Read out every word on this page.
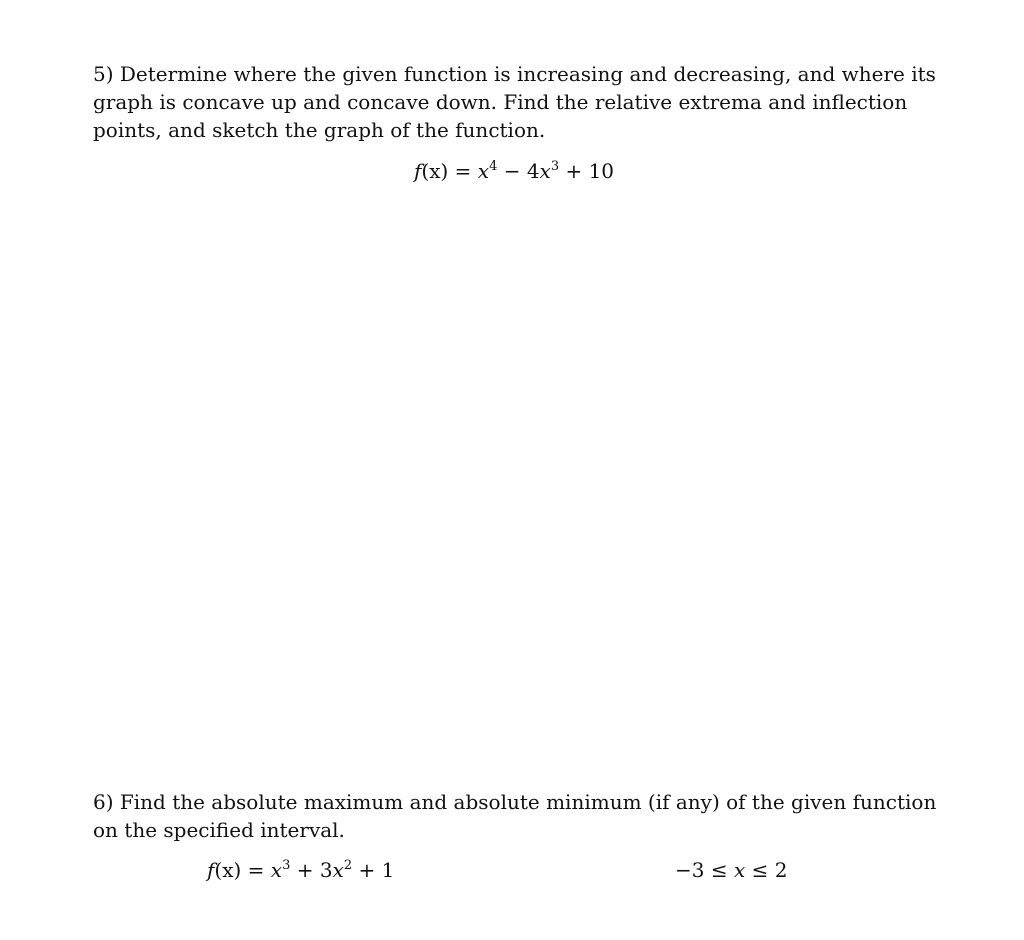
5) Determine where the given function is increasing and decreasing, and where its graph is concave up and concave down. Find the relative extrema and inflection points, and sketch the graph of the function.

$f(x) = x^4 - 4x^3 + 10$

6) Find the absolute maximum and absolute minimum (if any) of the given function on the specified interval.

$f(x) = x^3 + 3x^2 + 1$	−3 ≤ x ≤ 2
